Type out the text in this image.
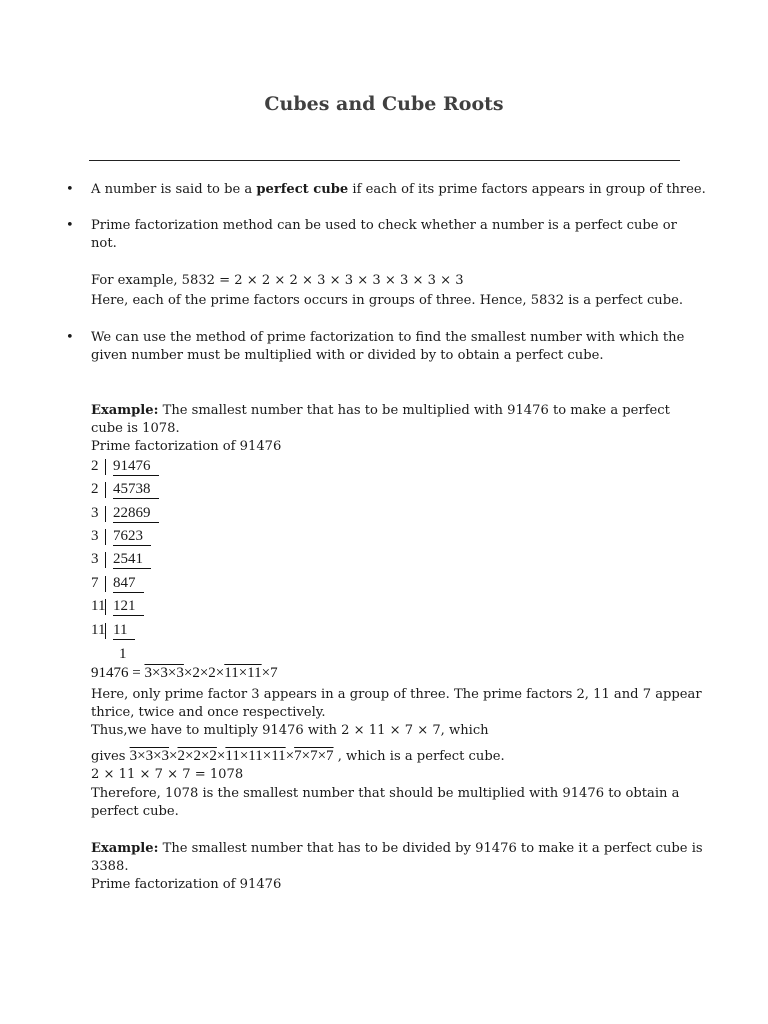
Cubes and Cube Roots
• A number is said to be a perfect cube if each of its prime factors appears in group of three.
• Prime factorization method can be used to check whether a number is a perfect cube or
not.
For example, 5832 = 2 × 2 × 2 × 3 × 3 × 3 × 3 × 3 × 3
Here, each of the prime factors occurs in groups of three. Hence, 5832 is a perfect cube.
• We can use the method of prime factorization to find the smallest number with which the
given number must be multiplied with or divided by to obtain a perfect cube.
Example: The smallest number that has to be multiplied with 91476 to make a perfect
cube is 1078.
Prime factorization of 91476
2 91476
2 45738
3 22869
3 7623
3 2541
7 847
11 121
11 11
1
91476 = 3×3×3×2×2×11×11×7
Here, only prime factor 3 appears in a group of three. The prime factors 2, 11 and 7 appear
thrice, twice and once respectively.
Thus,we have to multiply 91476 with 2 × 11 × 7 × 7, which
gives 3×3×3×2×2×2×11×11×11×7×7×7 , which is a perfect cube.
2 × 11 × 7 × 7 = 1078
Therefore, 1078 is the smallest number that should be multiplied with 91476 to obtain a
perfect cube.
Example: The smallest number that has to be divided by 91476 to make it a perfect cube is
3388.
Prime factorization of 91476
